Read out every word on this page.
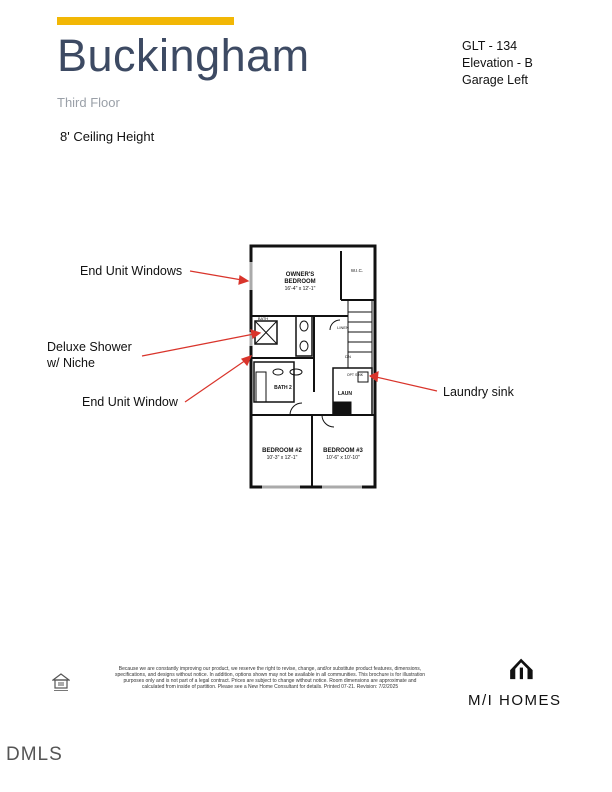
Buckingham
Third Floor
8' Ceiling Height
GLT - 134
Elevation - B
Garage Left
OWNER'S
BEDROOM
16'-4" x 12'-1"
W.I.C.
BATH
BATH 2
LINEN
DN
LAUN
OPT SINK
BEDROOM #2
10'-3" x 12'-1"
BEDROOM #3
10'-6" x 10'-10"
End Unit Windows
Deluxe Shower
w/ Niche
End Unit Window
Laundry sink
Because we are constantly improving our product, we reserve the right to revise, change, and/or substitute product features, dimensions, specifications, and designs without notice. In addition, options shown may not be available in all communities. This brochure is for illustration purposes only and is not part of a legal contract. Prices are subject to change without notice. Room dimensions are approximate and calculated from inside of partition. Please see a New Home Consultant for details. Printed 07-21. Revision: 7/2/2025
M/I HOMES
DMLS
